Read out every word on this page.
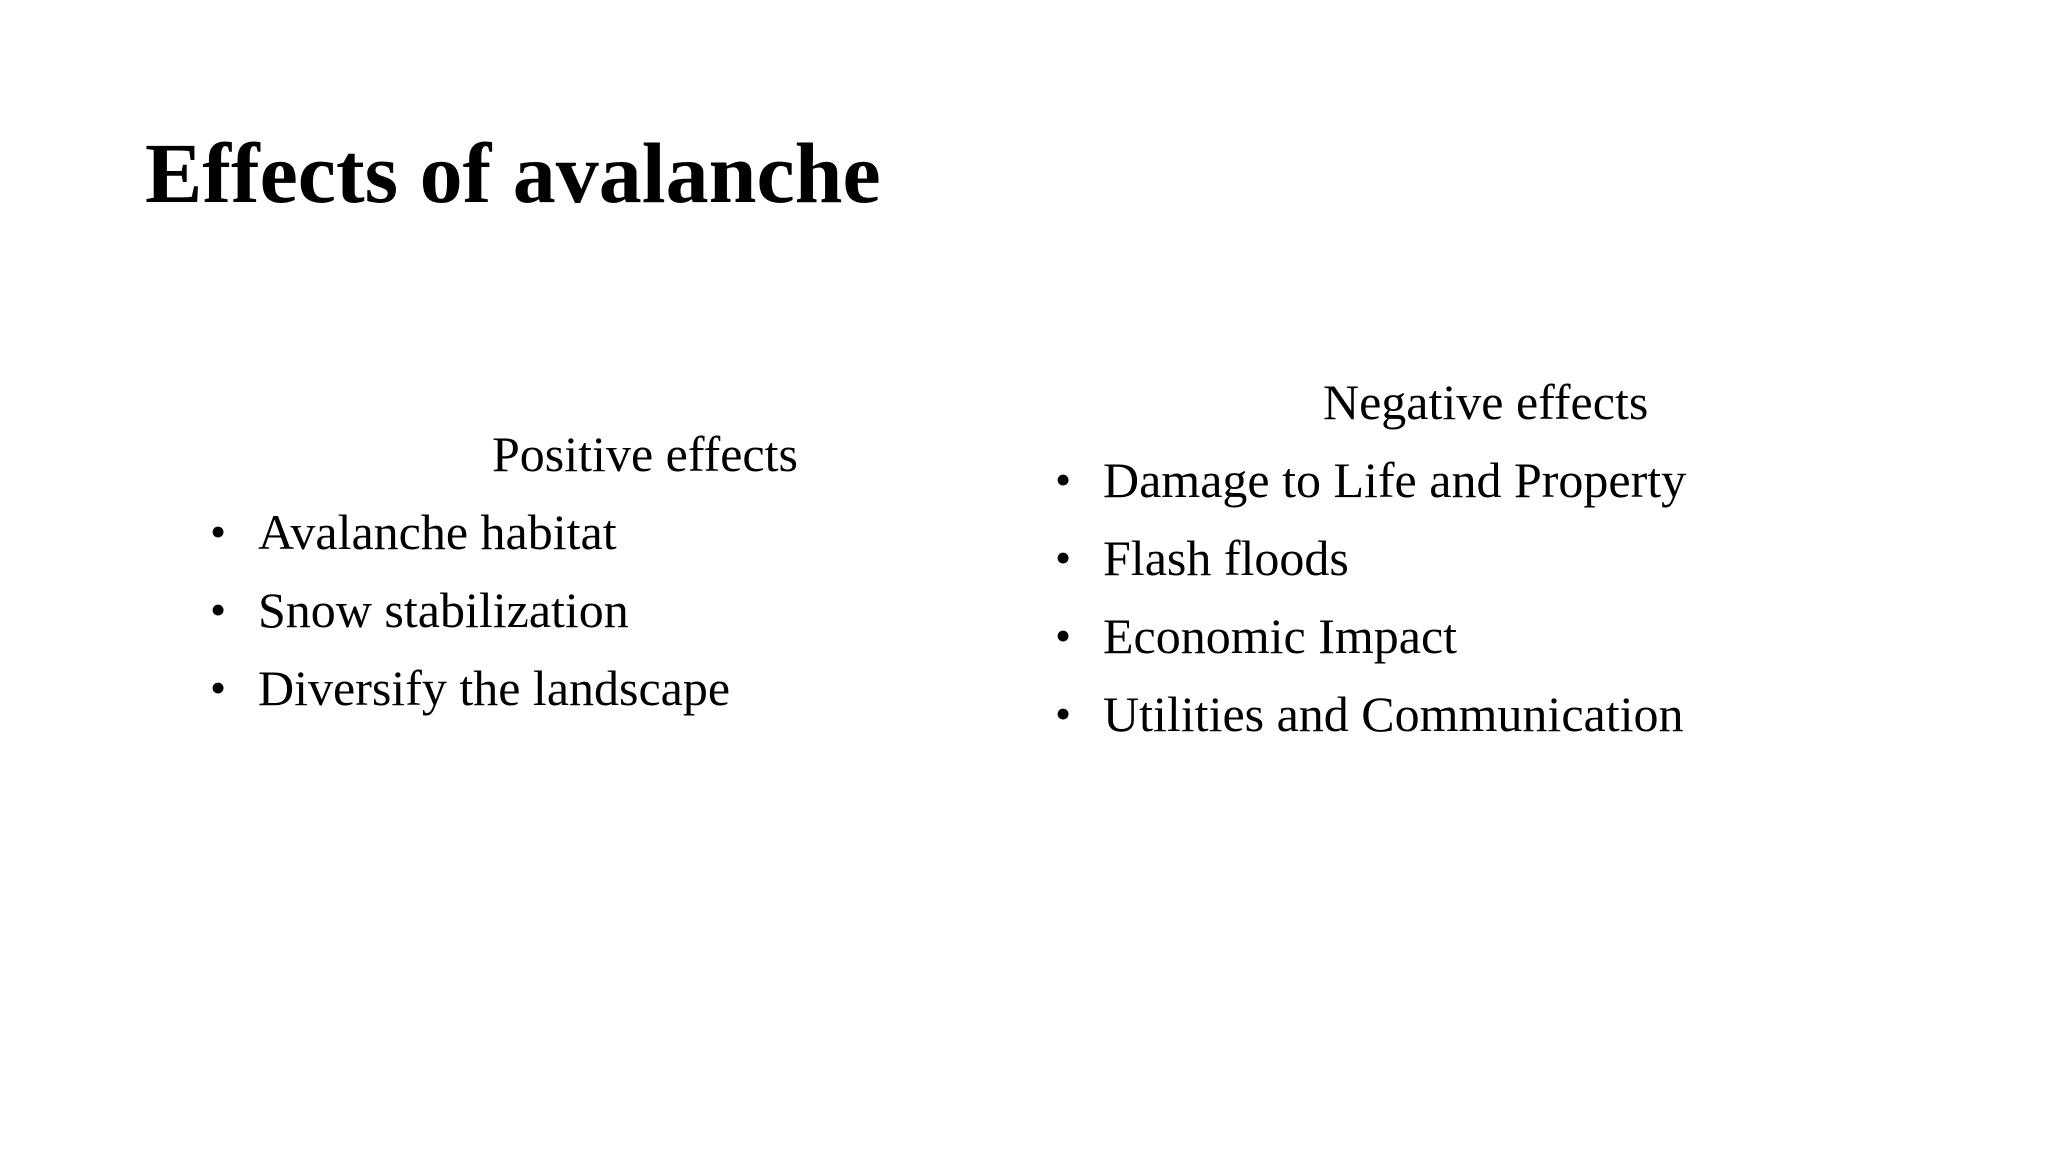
Effects of avalanche

Positive effects

• Avalanche habitat
• Snow stabilization
• Diversify the landscape

Negative effects

• Damage to Life and Property
• Flash floods
• Economic Impact
• Utilities and Communication
